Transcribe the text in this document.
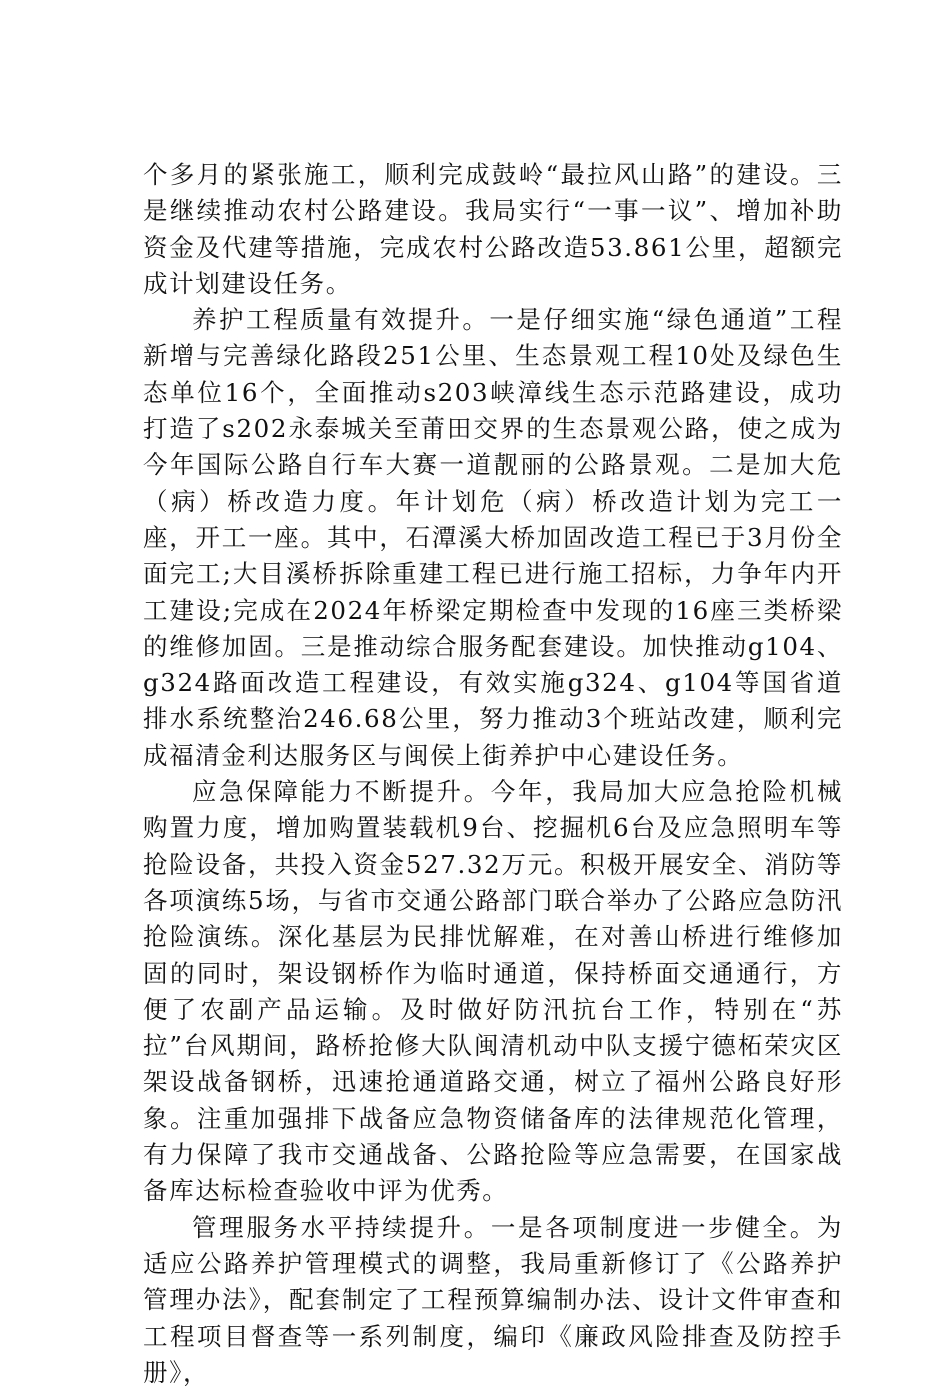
个多月的紧张施工，顺利完成鼓岭“最拉风山路”的建设。三是继续推动农村公路建设。我局实行“一事一议”、增加补助资金及代建等措施，完成农村公路改造53.861公里，超额完成计划建设任务。

养护工程质量有效提升。一是仔细实施“绿色通道”工程新增与完善绿化路段251公里、生态景观工程10处及绿色生态单位16个，全面推动s203峡漳线生态示范路建设，成功打造了s202永泰城关至莆田交界的生态景观公路，使之成为今年国际公路自行车大赛一道靓丽的公路景观。二是加大危（病）桥改造力度。年计划危（病）桥改造计划为完工一座，开工一座。其中，石潭溪大桥加固改造工程已于3月份全面完工;大目溪桥拆除重建工程已进行施工招标，力争年内开工建设;完成在2024年桥梁定期检查中发现的16座三类桥梁的维修加固。三是推动综合服务配套建设。加快推动g104、g324路面改造工程建设，有效实施g324、g104等国省道排水系统整治246.68公里，努力推动3个班站改建，顺利完成福清金利达服务区与闽侯上街养护中心建设任务。

应急保障能力不断提升。今年，我局加大应急抢险机械购置力度，增加购置装载机9台、挖掘机6台及应急照明车等抢险设备，共投入资金527.32万元。积极开展安全、消防等各项演练5场，与省市交通公路部门联合举办了公路应急防汛抢险演练。深化基层为民排忧解难，在对善山桥进行维修加固的同时，架设钢桥作为临时通道，保持桥面交通通行，方便了农副产品运输。及时做好防汛抗台工作，特别在“苏拉”台风期间，路桥抢修大队闽清机动中队支援宁德柘荣灾区架设战备钢桥，迅速抢通道路交通，树立了福州公路良好形象。注重加强排下战备应急物资储备库的法律规范化管理，有力保障了我市交通战备、公路抢险等应急需要，在国家战备库达标检查验收中评为优秀。

管理服务水平持续提升。一是各项制度进一步健全。为适应公路养护管理模式的调整，我局重新修订了《公路养护管理办法》，配套制定了工程预算编制办法、设计文件审查和工程项目督查等一系列制度，编印《廉政风险排查及防控手册》，
